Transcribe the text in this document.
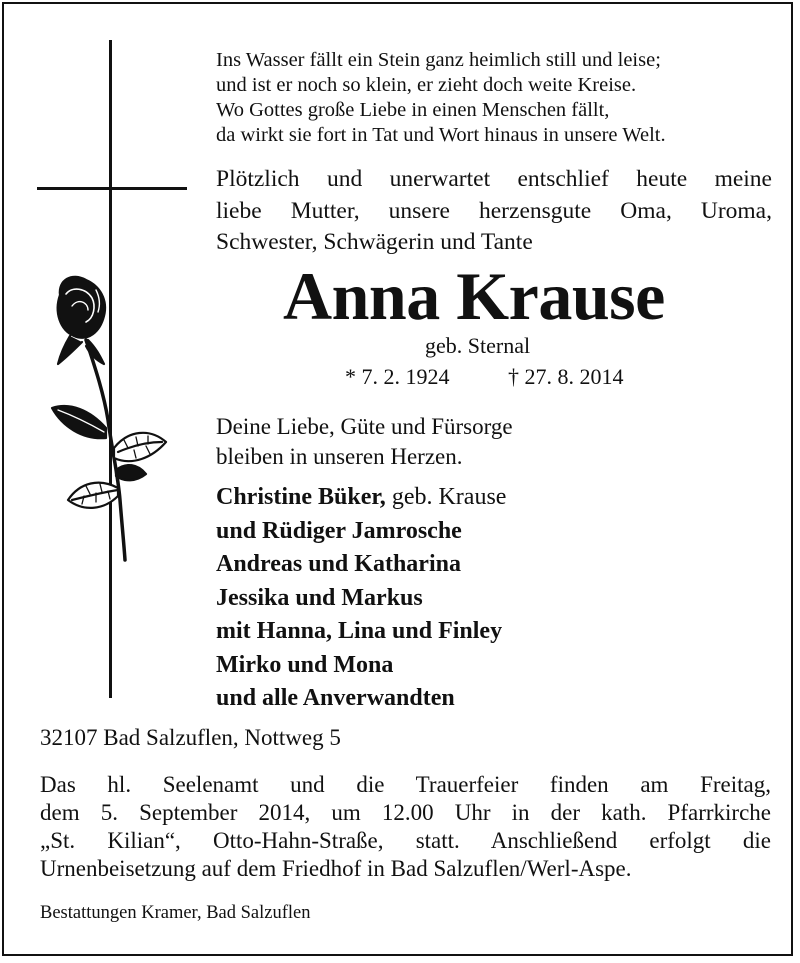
Ins Wasser fällt ein Stein ganz heimlich still und leise;
und ist er noch so klein, er zieht doch weite Kreise.
Wo Gottes große Liebe in einen Menschen fällt,
da wirkt sie fort in Tat und Wort hinaus in unsere Welt.
Plötzlich und unerwartet entschlief heute meine
liebe Mutter, unsere herzensgute Oma, Uroma,
Schwester, Schwägerin und Tante
Anna Krause
geb. Sternal
* 7. 2. 1924	† 27. 8. 2014
Deine Liebe, Güte und Fürsorge
bleiben in unseren Herzen.
Christine Büker, geb. Krause
und Rüdiger Jamrosche
Andreas und Katharina
Jessika und Markus
mit Hanna, Lina und Finley
Mirko und Mona
und alle Anverwandten
32107 Bad Salzuflen, Nottweg 5
Das hl. Seelenamt und die Trauerfeier finden am Freitag,
dem 5. September 2014, um 12.00 Uhr in der kath. Pfarrkirche
„St. Kilian“, Otto-Hahn-Straße, statt. Anschließend erfolgt die
Urnenbeisetzung auf dem Friedhof in Bad Salzuflen/Werl-Aspe.
Bestattungen Kramer, Bad Salzuflen
